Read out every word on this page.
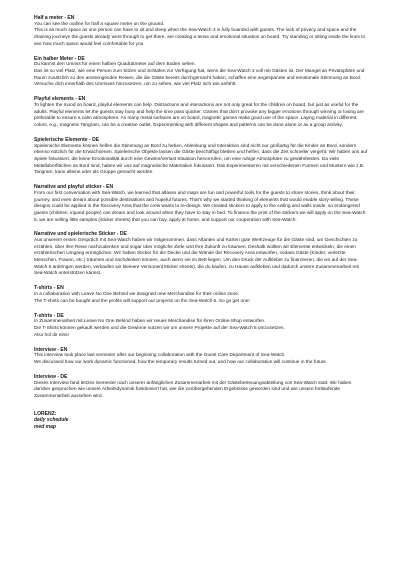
Half a meter - EN

You can see the outline for half a square meter on the ground.
This is as much space as one person can have to sit and sleep when the Sea-Watch 3 is fully boarded with guests. The lack of privacy and space and the draining journeys the guests already went through to get there, are creating a tense and emotional situation on board. Try standing or sitting inside the lines to see how much space would feel comfortable for you.

Ein halber Meter - DE

Du kannst den Umriss für einen halben Quadratmeter auf dem Boden sehen.
Das ist so viel Platz, wie eine Person zum Sitzen und Schlafen zur Verfügung hat, wenn die Sea-Watch 3 voll mit Gästen ist. Der Mangel an Privatsphäre und Raum zusätzlich zu den anstrengenden Reisen, die die Gäste bereits durchgemacht haben, schaffen eine angespannte und emotionale Stimmung an Bord. Versuche dich innerhalb des Umrisses hinzusetzen, um zu sehen, wie viel Platz sich wie anfühlt.

Playful elements - EN

To lighten the mood on board, playful elements can help. Distractions and interactions are not only great for the children on board, but just as useful for the adults. Playful elements let the guests stay busy and help the time pass quicker. Games that don't provoke any bigger emotions through winning or losing are preferable to ensure a calm atmosphere. As many metal surfaces are on board, magnetic games make good use of the space. Laying material in different colors, e.g., magnetic Tangram, can be a creative outlet. Experimenting with different shapes and patterns can be done alone or as a group activity.

Spielerische Elemente - DE

Spielerische Elemente können helfen die Stimmung an Bord zu heben. Ablenkung und Interaktion sind nicht nur großartig für die Kinder an Bord, sondern ebenso nützlich für die Erwachsenen. Spielerische Objekte lassen die Gäste beschäftigt bleiben und helfen, dass die Zeit schneller vergeht. Wir haben uns auf Spiele fokussiert, die keine Emotionalität durch eine Gewinn/Verlust Situation hervorrufen, um eine ruhige Atmosphäre zu gewährleisten. Da viele Metalloberflächen an Bord sind, haben wir uns auf magnetische Materialien fokussiert. Das Experimentieren mit verschiedenen Formen und Mustern wie z.B. Tangram, kann alleine oder als Gruppe gemacht werden.

Narrative and playful sticker - EN

From our first conversation with Sea-Watch, we learned that atlases and maps are fun and powerful tools for the guests to share stories, think about their journey, and even dream about possible destinations and hopeful futures. That's why we started thinking of elements that would enable story-telling. These designs could be applied in the Recovery Area that the crew wants to re-design. We created stickers to apply to the ceiling and walls inside, so endangered guests (children, injured people) can dream and look around when they have to stay in bed. To finance the print of the stickers we will apply on the Sea-Watch 5, we are selling little samples (sticker sheets) that you can buy, apply at home, and support our cooperation with Sea-Watch.

Narrative und spielerische Sticker - DE

Aus unserem ersten Gespräch mit Sea-Watch haben wir mitgenommen, dass Atlanten und Karten gute Werkzeuge für die Gäste sind, um Geschichten zu erzählen, über ihre Reise nachzudenken und sogar über mögliche Ziele und Ihre Zukunft zu träumen. Deshalb wollten wir Elemente entwickeln, die einen erzählerischen Umgang ermöglichen. Wir haben Sticker für die Decke und die Wände der Recovery Area entworfen, sodass Gäste (Kinder, verletzte Menschen, Frauen, etc.) träumen und nachdenken können, auch wenn sie im Bett liegen. Um den Druck der Aufkleber zu finanzieren, die wir auf der Sea-Watch 5 anbringen werden, verkaufen wir kleinere Versionen(Sticker sheets), die du kaufen, zu Hause aufkleben und dadurch unsere Zusammenarbeit mit Sea-Watch unterstützen kannst.

T-shirts - EN

In a collaboration with Leave No One Behind we designed new Merchandise for their online store.
The T-shirts can be bought and the profits will support our projects on the Sea-Watch 5. So go get one!

T-shirts - DE

In Zusammenarbeit mit Leave No One Behind haben wir neues Merchandise für ihren Online-Shop entworfen.
Die T-Shirts können gekauft werden und die Gewinne nutzen wir um unsere Projekte auf der Sea-Watch 5 umzusetzen.
Also hol dir eins!

Interview - EN

This interview took place last semester after our beginning collaboration with the Guest Care Department of Sea-Watch.
We discussed how our work dynamic functioned, how the temporary results turned out, and how our collaboration will continue in the future.

Interview - DE

Dieses Interview fand letztes Semester nach unserer anfänglichen Zusammenarbeit mit der Gästebetreuungsabteilung von Sea-Watch statt. Wir haben darüber gesprochen wie unsere Arbeitsdynamik funktioniert hat, wie die vorübergehenden Ergebnisse geworden sind und wie unsere fortlaufende Zusammenarbeit aussehen wird.

LORENZ:

daily schedule

med map
